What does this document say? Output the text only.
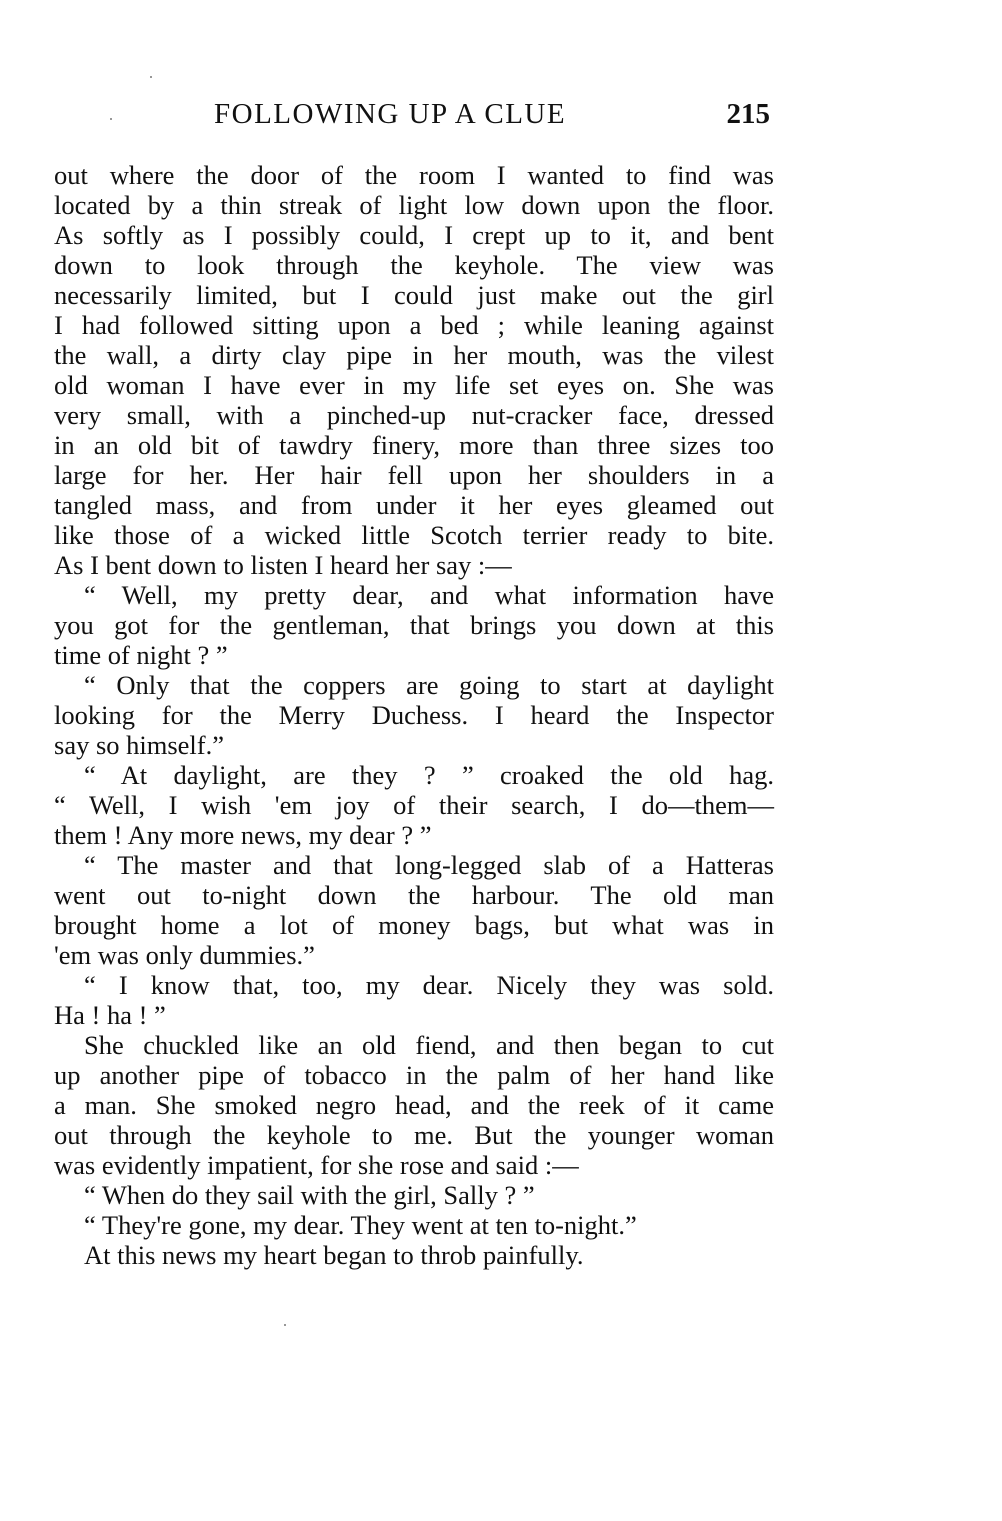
FOLLOWING UP A CLUE	215
out where the door of the room I wanted to find was
located by a thin streak of light low down upon the floor.
As softly as I possibly could, I crept up to it, and bent
down to look through the keyhole. The view was
necessarily limited, but I could just make out the girl
I had followed sitting upon a bed ; while leaning against
the wall, a dirty clay pipe in her mouth, was the vilest
old woman I have ever in my life set eyes on. She was
very small, with a pinched-up nut-cracker face, dressed
in an old bit of tawdry finery, more than three sizes too
large for her. Her hair fell upon her shoulders in a
tangled mass, and from under it her eyes gleamed out
like those of a wicked little Scotch terrier ready to bite.
As I bent down to listen I heard her say :—
“ Well, my pretty dear, and what information have
you got for the gentleman, that brings you down at this
time of night ? ”
“ Only that the coppers are going to start at daylight
looking for the Merry Duchess. I heard the Inspector
say so himself.”
“ At daylight, are they ? ” croaked the old hag.
“ Well, I wish 'em joy of their search, I do—them—
them ! Any more news, my dear ? ”
“ The master and that long-legged slab of a Hatteras
went out to-night down the harbour. The old man
brought home a lot of money bags, but what was in
'em was only dummies.”
“ I know that, too, my dear. Nicely they was sold.
Ha ! ha ! ”
She chuckled like an old fiend, and then began to cut
up another pipe of tobacco in the palm of her hand like
a man. She smoked negro head, and the reek of it came
out through the keyhole to me. But the younger woman
was evidently impatient, for she rose and said :—
“ When do they sail with the girl, Sally ? ”
“ They're gone, my dear. They went at ten to-night.”
At this news my heart began to throb painfully.
